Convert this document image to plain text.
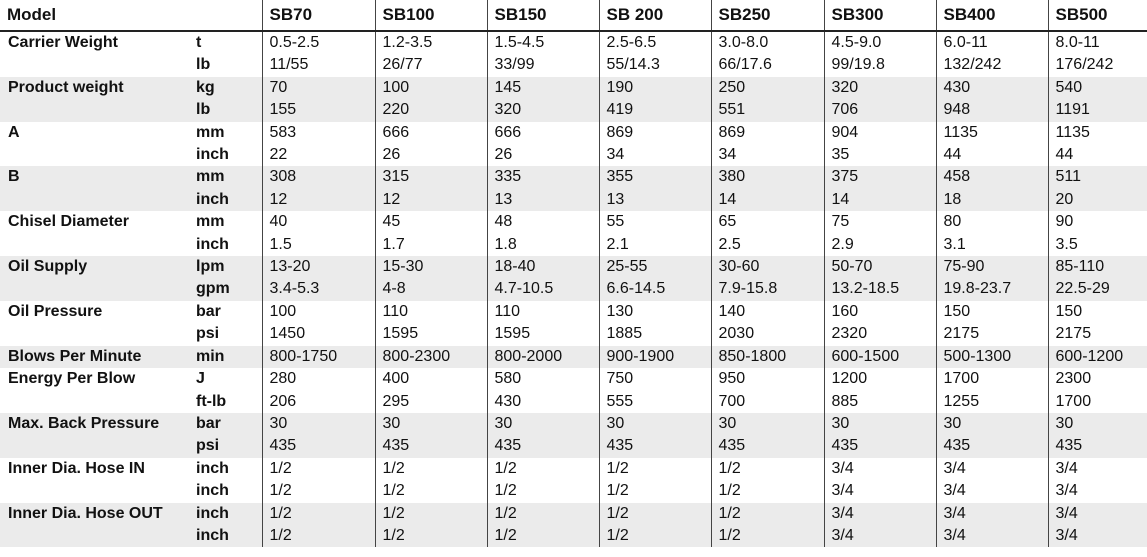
Model		SB70	SB100	SB150	SB 200	SB250	SB300	SB400	SB500
Carrier Weight	t	0.5-2.5	1.2-3.5	1.5-4.5	2.5-6.5	3.0-8.0	4.5-9.0	6.0-11	8.0-11
	lb	11/55	26/77	33/99	55/14.3	66/17.6	99/19.8	132/242	176/242
Product weight	kg	70	100	145	190	250	320	430	540
	lb	155	220	320	419	551	706	948	1191
A	mm	583	666	666	869	869	904	1135	1135
	inch	22	26	26	34	34	35	44	44
B	mm	308	315	335	355	380	375	458	511
	inch	12	12	13	13	14	14	18	20
Chisel Diameter	mm	40	45	48	55	65	75	80	90
	inch	1.5	1.7	1.8	2.1	2.5	2.9	3.1	3.5
Oil Supply	lpm	13-20	15-30	18-40	25-55	30-60	50-70	75-90	85-110
	gpm	3.4-5.3	4-8	4.7-10.5	6.6-14.5	7.9-15.8	13.2-18.5	19.8-23.7	22.5-29
Oil Pressure	bar	100	110	110	130	140	160	150	150
	psi	1450	1595	1595	1885	2030	2320	2175	2175
Blows Per Minute	min	800-1750	800-2300	800-2000	900-1900	850-1800	600-1500	500-1300	600-1200
Energy Per Blow	J	280	400	580	750	950	1200	1700	2300
	ft-lb	206	295	430	555	700	885	1255	1700
Max. Back Pressure	bar	30	30	30	30	30	30	30	30
	psi	435	435	435	435	435	435	435	435
Inner Dia. Hose IN	inch	1/2	1/2	1/2	1/2	1/2	3/4	3/4	3/4
	inch	1/2	1/2	1/2	1/2	1/2	3/4	3/4	3/4
Inner Dia. Hose OUT	inch	1/2	1/2	1/2	1/2	1/2	3/4	3/4	3/4
	inch	1/2	1/2	1/2	1/2	1/2	3/4	3/4	3/4
